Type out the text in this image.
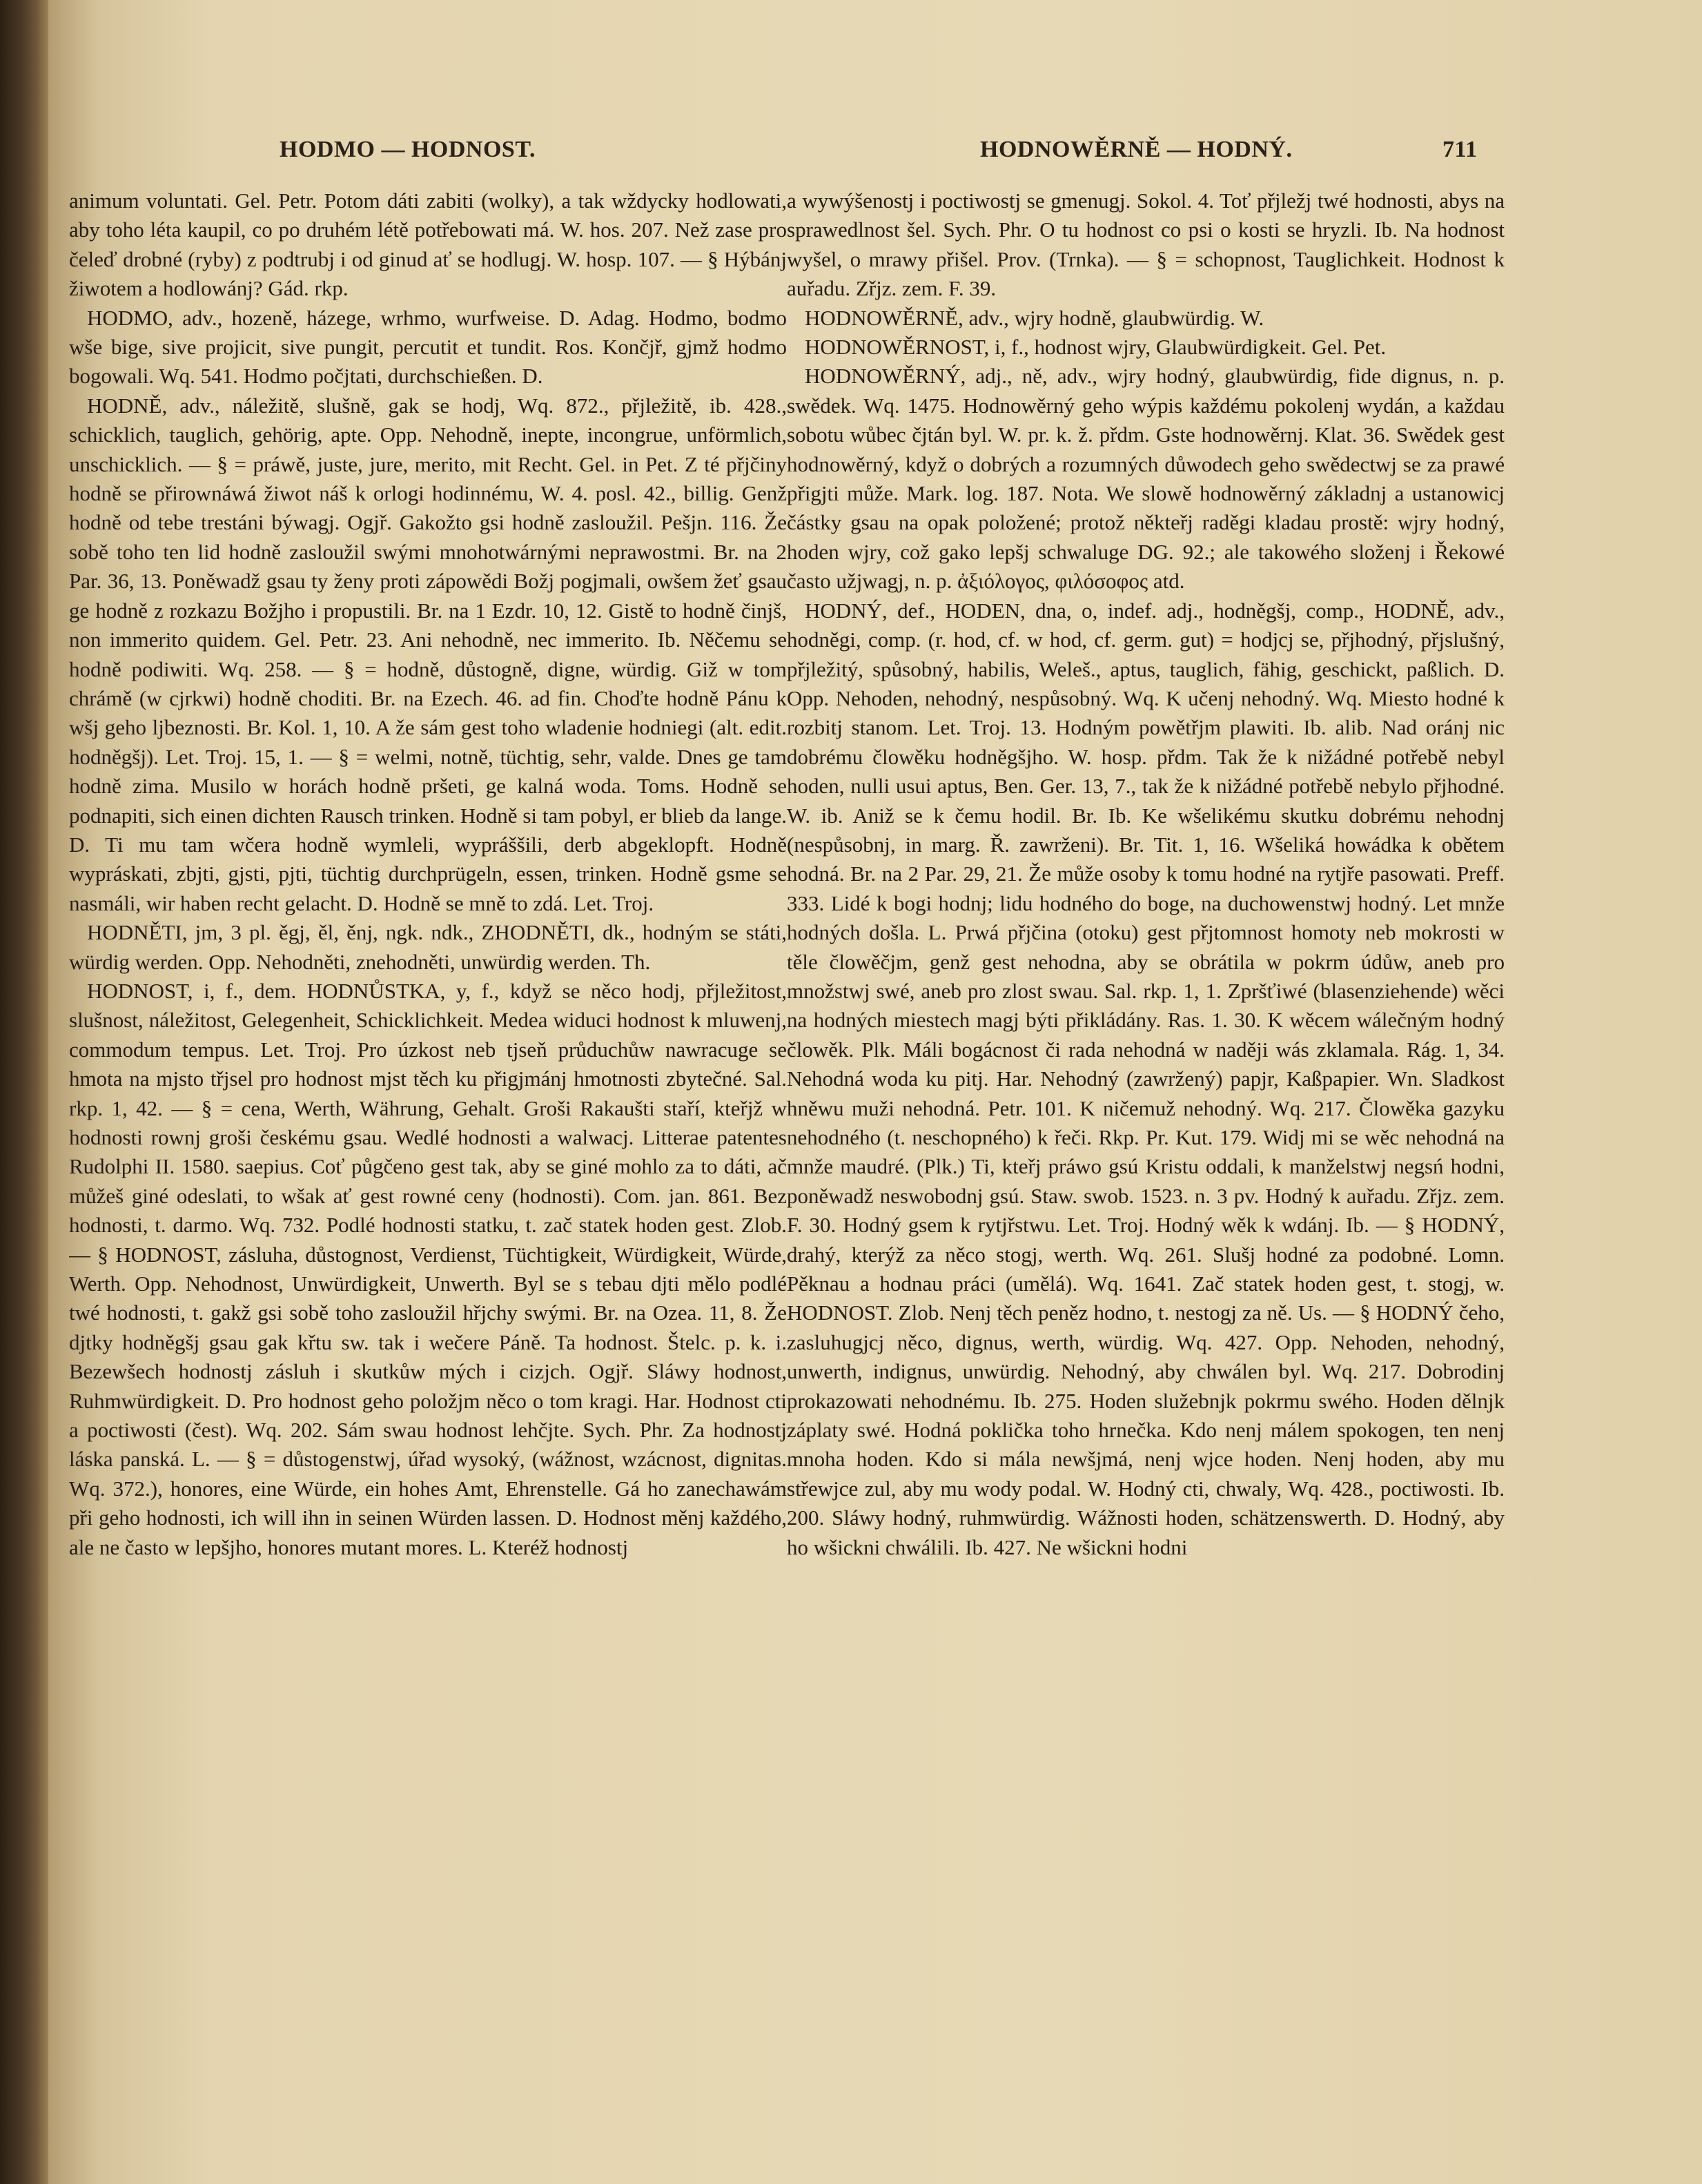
HODMO — HODNOST.	HODNOWĚRNĚ — HODNÝ.	711

animum voluntati. Gel. Petr. Potom dáti zabiti (wolky), a tak wždycky hodlowati, aby toho léta kaupil, co po druhém létě potřebowati má. W. hos. 207. Než zase pro čeleď drobné (ryby) z podtrubj i od ginud ať se hodlugj. W. hosp. 107. — § Hýbánj žiwotem a hodlowánj? Gád. rkp.

HODMO, adv., hozeně, házege, wrhmo, wurfweise. D. Adag. Hodmo, bodmo wše bige, sive projicit, sive pungit, percutit et tundit. Ros. Končjř, gjmž hodmo bogowali. Wq. 541. Hodmo počjtati, durchschießen. D.

HODNĚ, adv., náležitě, slušně, gak se hodj, Wq. 872., přjležitě, ib. 428., schicklich, tauglich, gehörig, apte. Opp. Nehodně, inepte, incongrue, unförmlich, unschicklich. — § = práwě, juste, jure, merito, mit Recht. Gel. in Pet. Z té přjčiny hodně se přirownáwá žiwot náš k orlogi hodinnému, W. 4. posl. 42., billig. Genž hodně od tebe trestáni býwagj. Ogjř. Gakožto gsi hodně zasloužil. Pešjn. 116. Že sobě toho ten lid hodně zasloužil swými mnohotwárnými neprawostmi. Br. na 2 Par. 36, 13. Poněwadž gsau ty ženy proti zápowědi Božj pogjmali, owšem žeť gsau ge hodně z rozkazu Božjho i propustili. Br. na 1 Ezdr. 10, 12. Gistě to hodně činjš, non immerito quidem. Gel. Petr. 23. Ani nehodně, nec immerito. Ib. Něčemu se hodně podiwiti. Wq. 258. — § = hodně, důstogně, digne, würdig. Giž w tom chrámě (w cjrkwi) hodně choditi. Br. na Ezech. 46. ad fin. Choďte hodně Pánu k wšj geho ljbeznosti. Br. Kol. 1, 10. A že sám gest toho wladenie hodniegi (alt. edit. hodněgšj). Let. Troj. 15, 1. — § = welmi, notně, tüchtig, sehr, valde. Dnes ge tam hodně zima. Musilo w horách hodně pršeti, ge kalná woda. Toms. Hodně se podnapiti, sich einen dichten Rausch trinken. Hodně si tam pobyl, er blieb da lange. D. Ti mu tam wčera hodně wymleli, wypráššili, derb abgeklopft. Hodně wypráskati, zbjti, gjsti, pjti, tüchtig durchprügeln, essen, trinken. Hodně gsme se nasmáli, wir haben recht gelacht. D. Hodně se mně to zdá. Let. Troj.

HODNĚTI, jm, 3 pl. ěgj, ěl, ěnj, ngk. ndk., ZHODNĚTI, dk., hodným se státi, würdig werden. Opp. Nehodněti, znehodněti, unwürdig werden. Th.

HODNOST, i, f., dem. HODNŮSTKA, y, f., když se něco hodj, přjležitost, slušnost, náležitost, Gelegenheit, Schicklichkeit. Medea widuci hodnost k mluwenj, commodum tempus. Let. Troj. Pro úzkost neb tjseň průduchůw nawracuge se hmota na mjsto třjsel pro hodnost mjst těch ku přigjmánj hmotnosti zbytečné. Sal. rkp. 1, 42. — § = cena, Werth, Währung, Gehalt. Groši Rakaušti staří, kteřjž w hodnosti rownj groši českému gsau. Wedlé hodnosti a walwacj. Litterae patentes Rudolphi II. 1580. saepius. Coť půgčeno gest tak, aby se giné mohlo za to dáti, ač můžeš giné odeslati, to wšak ať gest rowné ceny (hodnosti). Com. jan. 861. Bez hodnosti, t. darmo. Wq. 732. Podlé hodnosti statku, t. zač statek hoden gest. Zlob. — § HODNOST, zásluha, důstognost, Verdienst, Tüchtigkeit, Würdigkeit, Würde, Werth. Opp. Nehodnost, Unwürdigkeit, Unwerth. Byl se s tebau djti mělo podlé twé hodnosti, t. gakž gsi sobě toho zasloužil hřjchy swými. Br. na Ozea. 11, 8. Že djtky hodněgšj gsau gak křtu sw. tak i wečere Páně. Ta hodnost. Štelc. p. k. i. Bezewšech hodnostj zásluh i skutkůw mých i cizjch. Ogjř. Sláwy hodnost, Ruhmwürdigkeit. D. Pro hodnost geho položjm něco o tom kragi. Har. Hodnost cti a poctiwosti (čest). Wq. 202. Sám swau hodnost lehčjte. Sych. Phr. Za hodnostj láska panská. L. — § = důstogenstwj, úřad wysoký, (wážnost, wzácnost, dignitas. Wq. 372.), honores, eine Würde, ein hohes Amt, Ehrenstelle. Gá ho zanechawám při geho hodnosti, ich will ihn in seinen Würden lassen. D. Hodnost měnj každého, ale ne často w lepšjho, honores mutant mores. L. Kteréž hodnostj

a wywýšenostj i poctiwostj se gmenugj. Sokol. 4. Toť přjležj twé hodnosti, abys na sprawedlnost šel. Sych. Phr. O tu hodnost co psi o kosti se hryzli. Ib. Na hodnost wyšel, o mrawy přišel. Prov. (Trnka). — § = schopnost, Tauglichkeit. Hodnost k auřadu. Zřjz. zem. F. 39.

HODNOWĚRNĚ, adv., wjry hodně, glaubwürdig. W.

HODNOWĚRNOST, i, f., hodnost wjry, Glaubwürdigkeit. Gel. Pet.

HODNOWĚRNÝ, adj., ně, adv., wjry hodný, glaubwürdig, fide dignus, n. p. swědek. Wq. 1475. Hodnowěrný geho wýpis každému pokolenj wydán, a každau sobotu wůbec čjtán byl. W. pr. k. ž. přdm. Gste hodnowěrnj. Klat. 36. Swědek gest hodnowěrný, když o dobrých a rozumných důwodech geho swědectwj se za prawé přigjti může. Mark. log. 187. Nota. We slowě hodnowěrný základnj a ustanowicj částky gsau na opak položené; protož někteřj raděgi kladau prostě: wjry hodný, hoden wjry, což gako lepšj schwaluge DG. 92.; ale takowého složenj i Řekowé často užjwagj, n. p. ἀξιόλογος, φιλόσοφος atd.

HODNÝ, def., HODEN, dna, o, indef. adj., hodněgšj, comp., HODNĚ, adv., hodněgi, comp. (r. hod, cf. w hod, cf. germ. gut) = hodjcj se, přjhodný, přjslušný, přjležitý, spůsobný, habilis, Weleš., aptus, tauglich, fähig, geschickt, paßlich. D. Opp. Nehoden, nehodný, nespůsobný. Wq. K učenj nehodný. Wq. Miesto hodné k rozbitj stanom. Let. Troj. 13. Hodným powětřjm plawiti. Ib. alib. Nad oránj nic dobrému člowěku hodněgšjho. W. hosp. přdm. Tak že k nižádné potřebě nebyl hoden, nulli usui aptus, Ben. Ger. 13, 7., tak že k nižádné potřebě nebylo přjhodné. W. ib. Aniž se k čemu hodil. Br. Ib. Ke wšelikému skutku dobrému nehodnj (nespůsobnj, in marg. Ř. zawrženi). Br. Tit. 1, 16. Wšeliká howádka k obětem hodná. Br. na 2 Par. 29, 21. Že může osoby k tomu hodné na rytjře pasowati. Preff. 333. Lidé k bogi hodnj; lidu hodného do boge, na duchowenstwj hodný. Let mnže hodných došla. L. Prwá přjčina (otoku) gest přjtomnost homoty neb mokrosti w těle člowěčjm, genž gest nehodna, aby se obrátila w pokrm údůw, aneb pro množstwj swé, aneb pro zlost swau. Sal. rkp. 1, 1. Zpršťiwé (blasenziehende) wěci na hodných miestech magj býti přikládány. Ras. 1. 30. K wěcem wálečným hodný člowěk. Plk. Máli bogácnost či rada nehodná w naději wás zklamala. Rág. 1, 34. Nehodná woda ku pitj. Har. Nehodný (zawržený) papjr, Kaßpapier. Wn. Sladkost hněwu muži nehodná. Petr. 101. K ničemuž nehodný. Wq. 217. Člowěka gazyku nehodného (t. neschopného) k řeči. Rkp. Pr. Kut. 179. Widj mi se wěc nehodná na mnže maudré. (Plk.) Ti, kteřj práwo gsú Kristu oddali, k manželstwj negsń hodni, poněwadž neswobodnj gsú. Staw. swob. 1523. n. 3 pv. Hodný k auřadu. Zřjz. zem. F. 30. Hodný gsem k rytjřstwu. Let. Troj. Hodný wěk k wdánj. Ib. — § HODNÝ, drahý, kterýž za něco stogj, werth. Wq. 261. Slušj hodné za podobné. Lomn. Pěknau a hodnau práci (umělá). Wq. 1641. Zač statek hoden gest, t. stogj, w. HODNOST. Zlob. Nenj těch peněz hodno, t. nestogj za ně. Us. — § HODNÝ čeho, zasluhugjcj něco, dignus, werth, würdig. Wq. 427. Opp. Nehoden, nehodný, unwerth, indignus, unwürdig. Nehodný, aby chwálen byl. Wq. 217. Dobrodinj prokazowati nehodnému. Ib. 275. Hoden služebnjk pokrmu swého. Hoden dělnjk záplaty swé. Hodná poklička toho hrnečka. Kdo nenj málem spokogen, ten nenj mnoha hoden. Kdo si mála newšjmá, nenj wjce hoden. Nenj hoden, aby mu střewjce zul, aby mu wody podal. W. Hodný cti, chwaly, Wq. 428., poctiwosti. Ib. 200. Sláwy hodný, ruhmwürdig. Wážnosti hoden, schätzenswerth. D. Hodný, aby ho wšickni chwálili. Ib. 427. Ne wšickni hodni
